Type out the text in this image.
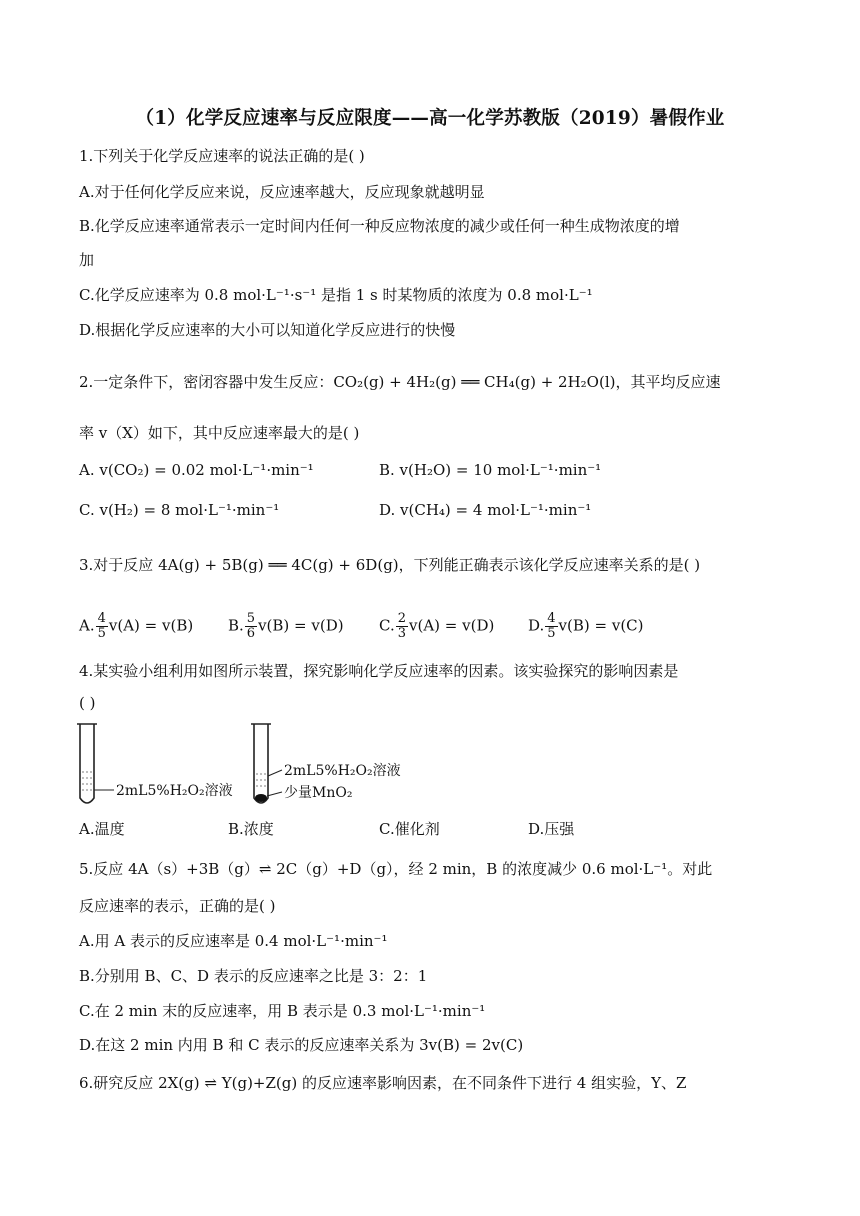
（1）化学反应速率与反应限度——高一化学苏教版（2019）暑假作业
1.下列关于化学反应速率的说法正确的是( )
A.对于任何化学反应来说，反应速率越大，反应现象就越明显
B.化学反应速率通常表示一定时间内任何一种反应物浓度的减少或任何一种生成物浓度的增
加
C.化学反应速率为 0.8 mol·L⁻¹·s⁻¹ 是指 1 s 时某物质的浓度为 0.8 mol·L⁻¹
D.根据化学反应速率的大小可以知道化学反应进行的快慢
2.一定条件下，密闭容器中发生反应：CO₂(g) + 4H₂(g) ══ CH₄(g) + 2H₂O(l)，其平均反应速
率 v（X）如下，其中反应速率最大的是( )
A. v(CO₂) = 0.02 mol·L⁻¹·min⁻¹	B. v(H₂O) = 10 mol·L⁻¹·min⁻¹
C. v(H₂) = 8 mol·L⁻¹·min⁻¹	D. v(CH₄) = 4 mol·L⁻¹·min⁻¹
3.对于反应 4A(g) + 5B(g) ══ 4C(g) + 6D(g)，下列能正确表示该化学反应速率关系的是( )
A. $\frac{4}{5} v(A) = v(B)$ B. $\frac{5}{6} v(B) = v(D)$ C. $\frac{2}{3} v(A) = v(D)$ D. $\frac{4}{5} v(B) = v(C)$
4.某实验小组利用如图所示装置，探究影响化学反应速率的因素。该实验探究的影响因素是
( )
2mL5%H₂O₂溶液
2mL5%H₂O₂溶液
少量MnO₂
A.温度	B.浓度	C.催化剂	D.压强
5.反应 4A（s）+3B（g）⇌ 2C（g）+D（g），经 2 min，B 的浓度减少 0.6 mol·L⁻¹。对此
反应速率的表示，正确的是( )
A.用 A 表示的反应速率是 0.4 mol·L⁻¹·min⁻¹
B.分别用 B、C、D 表示的反应速率之比是 3：2：1
C.在 2 min 末的反应速率，用 B 表示是 0.3 mol·L⁻¹·min⁻¹
D.在这 2 min 内用 B 和 C 表示的反应速率关系为 3v(B) = 2v(C)
6.研究反应 2X(g) ⇌ Y(g)+Z(g) 的反应速率影响因素，在不同条件下进行 4 组实验，Y、Z
